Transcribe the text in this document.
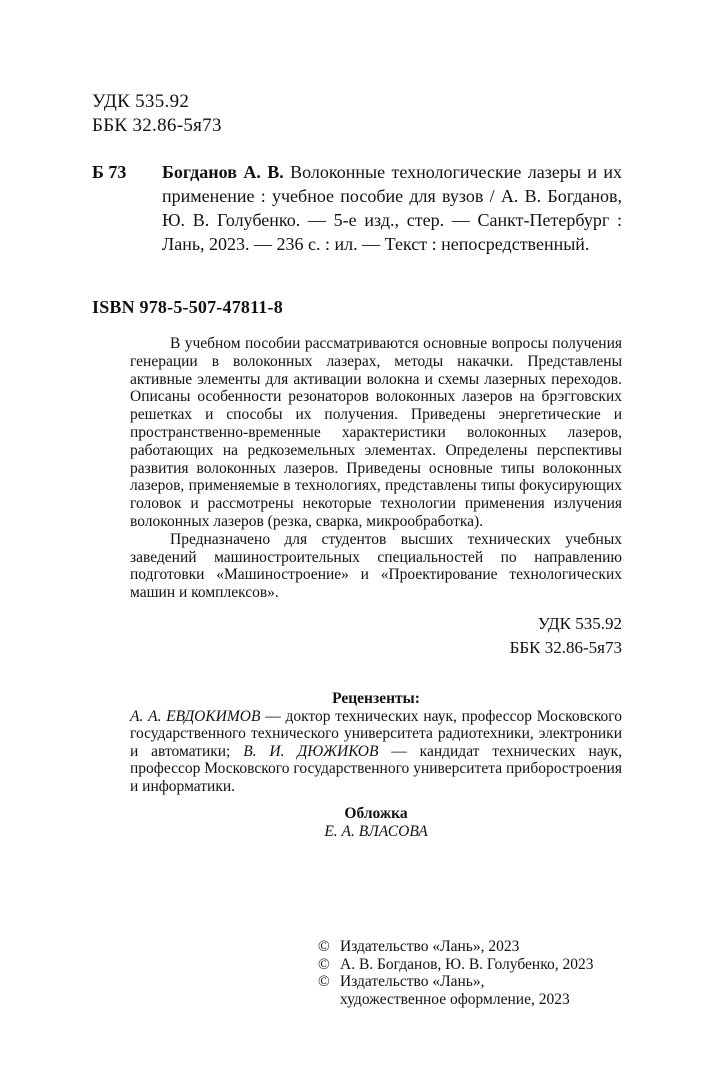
УДК 535.92
ББК 32.86-5я73
Б 73 Богданов А. В. Волоконные технологические лазеры и их применение : учебное пособие для вузов / А. В. Богданов, Ю. В. Голубенко. — 5-е изд., стер. — Санкт-Петербург : Лань, 2023. — 236 с. : ил. — Текст : непосредственный.
ISBN 978-5-507-47811-8

В учебном пособии рассматриваются основные вопросы получения генерации в волоконных лазерах, методы накачки. Представлены активные элементы для активации волокна и схемы лазерных переходов. Описаны особенности резонаторов волоконных лазеров на брэгговских решетках и способы их получения. Приведены энергетические и пространственно-временные характеристики волоконных лазеров, работающих на редкоземельных элементах. Определены перспективы развития волоконных лазеров. Приведены основные типы волоконных лазеров, применяемые в технологиях, представлены типы фокусирующих головок и рассмотрены некоторые технологии применения излучения волоконных лазеров (резка, сварка, микрообработка).

Предназначено для студентов высших технических учебных заведений машиностроительных специальностей по направлению подготовки «Машиностроение» и «Проектирование технологических машин и комплексов».

УДК 535.92
ББК 32.86-5я73
Рецензенты:
А. А. ЕВДОКИМОВ — доктор технических наук, профессор Московского государственного технического университета радиотехники, электроники и автоматики; В. И. ДЮЖИКОВ — кандидат технических наук, профессор Московского государственного университета приборостроения и информатики.
Обложка
Е. А. ВЛАСОВА
© Издательство «Лань», 2023
© А. В. Богданов, Ю. В. Голубенко, 2023
© Издательство «Лань»,
художественное оформление, 2023
